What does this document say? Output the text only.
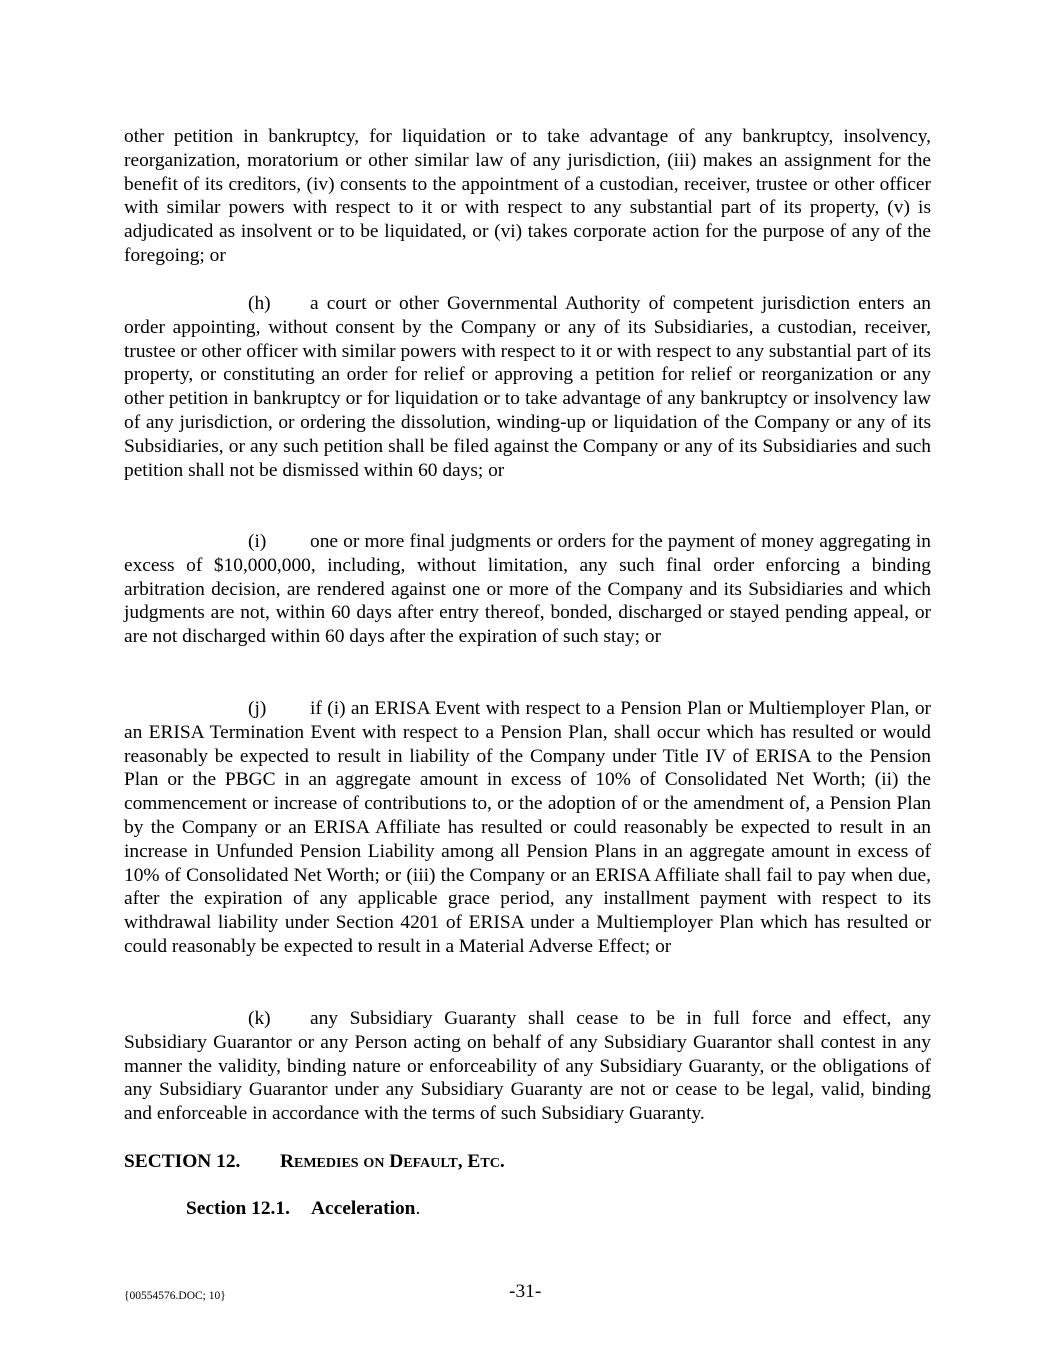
other petition in bankruptcy, for liquidation or to take advantage of any bankruptcy, insolvency, reorganization, moratorium or other similar law of any jurisdiction, (iii) makes an assignment for the benefit of its creditors, (iv) consents to the appointment of a custodian, receiver, trustee or other officer with similar powers with respect to it or with respect to any substantial part of its property, (v) is adjudicated as insolvent or to be liquidated, or (vi) takes corporate action for the purpose of any of the foregoing; or

(h) a court or other Governmental Authority of competent jurisdiction enters an order appointing, without consent by the Company or any of its Subsidiaries, a custodian, receiver, trustee or other officer with similar powers with respect to it or with respect to any substantial part of its property, or constituting an order for relief or approving a petition for relief or reorganization or any other petition in bankruptcy or for liquidation or to take advantage of any bankruptcy or insolvency law of any jurisdiction, or ordering the dissolution, winding-up or liquidation of the Company or any of its Subsidiaries, or any such petition shall be filed against the Company or any of its Subsidiaries and such petition shall not be dismissed within 60 days; or

(i) one or more final judgments or orders for the payment of money aggregating in excess of $10,000,000, including, without limitation, any such final order enforcing a binding arbitration decision, are rendered against one or more of the Company and its Subsidiaries and which judgments are not, within 60 days after entry thereof, bonded, discharged or stayed pending appeal, or are not discharged within 60 days after the expiration of such stay; or

(j) if (i) an ERISA Event with respect to a Pension Plan or Multiemployer Plan, or an ERISA Termination Event with respect to a Pension Plan, shall occur which has resulted or would reasonably be expected to result in liability of the Company under Title IV of ERISA to the Pension Plan or the PBGC in an aggregate amount in excess of 10% of Consolidated Net Worth; (ii) the commencement or increase of contributions to, or the adoption of or the amendment of, a Pension Plan by the Company or an ERISA Affiliate has resulted or could reasonably be expected to result in an increase in Unfunded Pension Liability among all Pension Plans in an aggregate amount in excess of 10% of Consolidated Net Worth; or (iii) the Company or an ERISA Affiliate shall fail to pay when due, after the expiration of any applicable grace period, any installment payment with respect to its withdrawal liability under Section 4201 of ERISA under a Multiemployer Plan which has resulted or could reasonably be expected to result in a Material Adverse Effect; or

(k) any Subsidiary Guaranty shall cease to be in full force and effect, any Subsidiary Guarantor or any Person acting on behalf of any Subsidiary Guarantor shall contest in any manner the validity, binding nature or enforceability of any Subsidiary Guaranty, or the obligations of any Subsidiary Guarantor under any Subsidiary Guaranty are not or cease to be legal, valid, binding and enforceable in accordance with the terms of such Subsidiary Guaranty.

SECTION 12. Remedies on Default, Etc.

Section 12.1. Acceleration.

{00554576.DOC; 10}	-31-
